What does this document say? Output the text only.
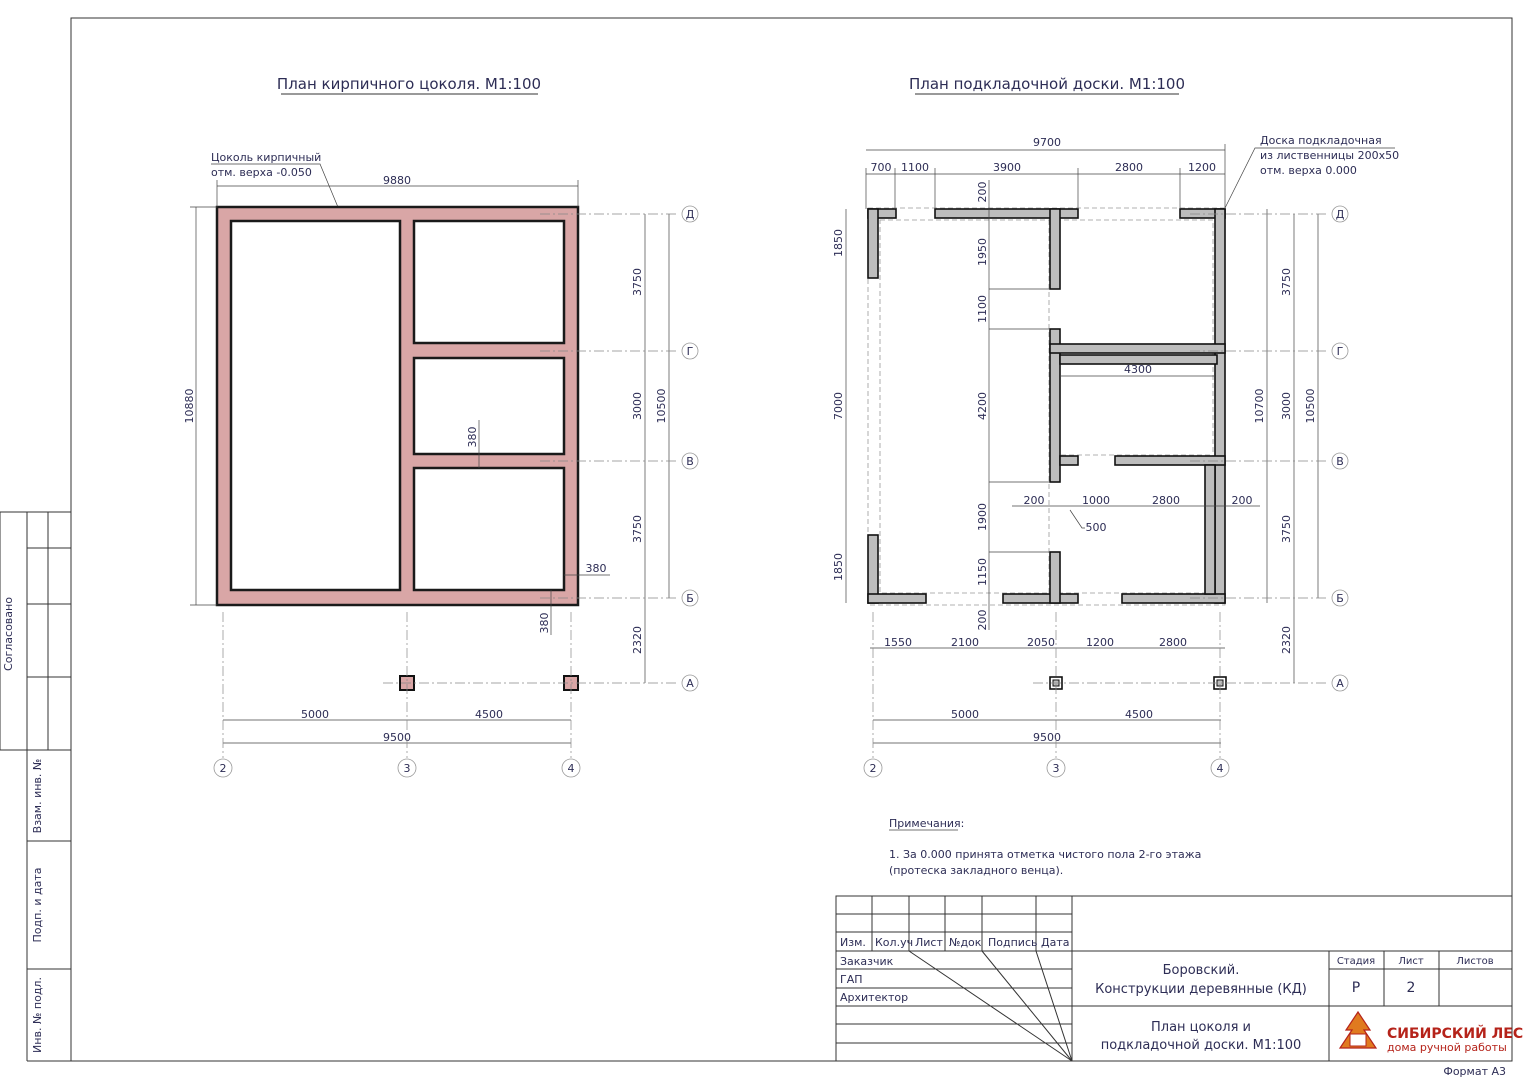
План кирпичного цоколя. М1:100
Цоколь кирпичный
отм. верха -0.050
9880
10880
380
380
380
3750
3000
3750
2320
10500
5000	4500
9500
План подкладочной доски. М1:100
Доска подкладочная
из лиственницы 200х50
отм. верха 0.000
9700
700 1100	3900	2800	1200
1850
7000
1850
200
1950
1100
4200
1900
1150
200
4300
200	1000	2800	200
500
1550	2100	2050	1200	2800
10700
3750
3000
3750
2320
10500
5000	4500
9500
Д
Г
В
Б
А
2	3	4
Д
Г
В
Б
А
2	3	4
Примечания:
1. За 0.000 принята отметка чистого пола 2-го этажа
(протеска закладного венца).
Согласовано
Взам. инв. №
Подп. и дата
Инв. № подл.
Изм. Кол.уч Лист №док Подпись Дата
Заказчик
ГАП
Архитектор
Боровский.
Конструкции деревянные (КД)
План цоколя и
подкладочной доски. М1:100
Стадия Лист	Листов
Р	2
СИБИРСКИЙ ЛЕС
дома ручной работы
Формат А3
